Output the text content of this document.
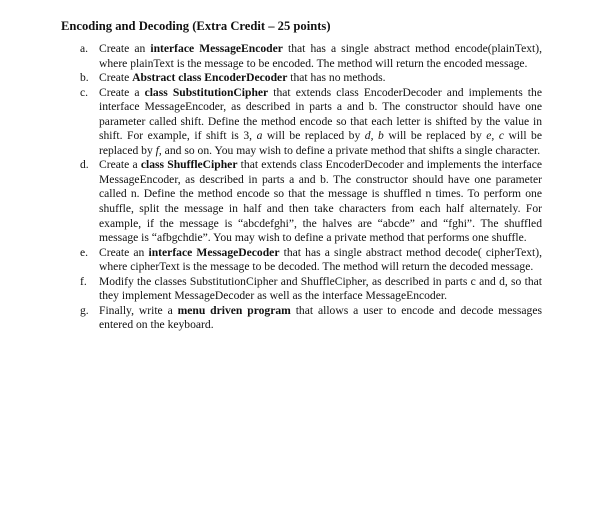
Encoding and Decoding (Extra Credit – 25 points)
a. Create an interface MessageEncoder that has a single abstract method encode(plainText), where plainText is the message to be encoded. The method will return the encoded message.
b. Create Abstract class EncoderDecoder that has no methods.
c. Create a class SubstitutionCipher that extends class EncoderDecoder and implements the interface MessageEncoder, as described in parts a and b. The constructor should have one parameter called shift. Define the method encode so that each letter is shifted by the value in shift. For example, if shift is 3, a will be replaced by d, b will be replaced by e, c will be replaced by f, and so on. You may wish to define a private method that shifts a single character.
d. Create a class ShuffleCipher that extends class EncoderDecoder and implements the interface MessageEncoder, as described in parts a and b. The constructor should have one parameter called n. Define the method encode so that the message is shuffled n times. To perform one shuffle, split the message in half and then take characters from each half alternately. For example, if the message is “abcdefghi”, the halves are “abcde” and “fghi”. The shuffled message is “afbgchdie”. You may wish to define a private method that performs one shuffle.
e. Create an interface MessageDecoder that has a single abstract method decode( cipherText), where cipherText is the message to be decoded. The method will return the decoded message.
f. Modify the classes SubstitutionCipher and ShuffleCipher, as described in parts c and d, so that they implement MessageDecoder as well as the interface MessageEncoder.
g. Finally, write a menu driven program that allows a user to encode and decode messages entered on the keyboard.
